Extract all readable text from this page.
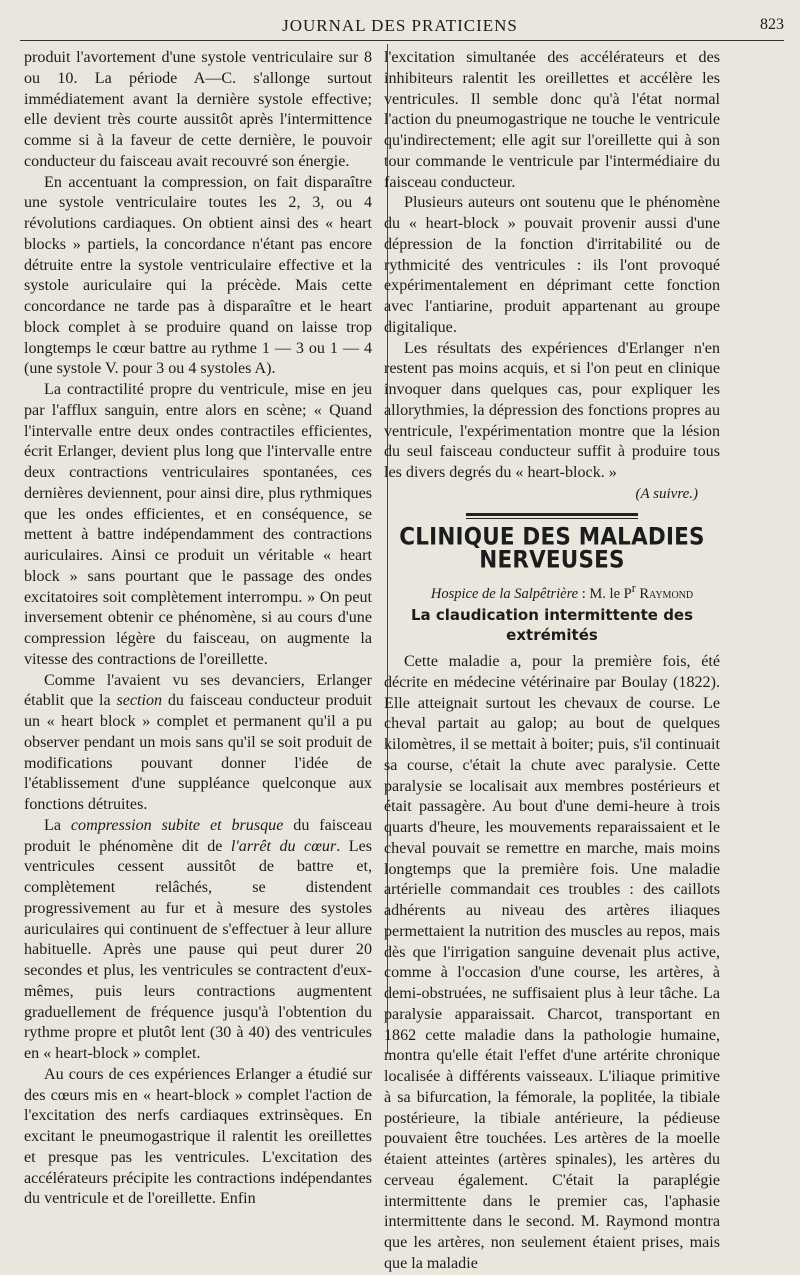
JOURNAL DES PRATICIENS	823

produit l'avortement d'une systole ventriculaire sur 8 ou 10. La période A—C. s'allonge surtout immédiatement avant la dernière systole effective; elle devient très courte aussitôt après l'intermittence comme si à la faveur de cette dernière, le pouvoir conducteur du faisceau avait recouvré son énergie.

En accentuant la compression, on fait disparaître une systole ventriculaire toutes les 2, 3, ou 4 révolutions cardiaques. On obtient ainsi des « heart blocks » partiels, la concordance n'étant pas encore détruite entre la systole ventriculaire effective et la systole auriculaire qui la précède. Mais cette concordance ne tarde pas à disparaître et le heart block complet à se produire quand on laisse trop longtemps le cœur battre au rythme 1 — 3 ou 1 — 4 (une systole V. pour 3 ou 4 systoles A).

La contractilité propre du ventricule, mise en jeu par l'afflux sanguin, entre alors en scène; « Quand l'intervalle entre deux ondes contractiles efficientes, écrit Erlanger, devient plus long que l'intervalle entre deux contractions ventriculaires spontanées, ces dernières deviennent, pour ainsi dire, plus rythmiques que les ondes efficientes, et en conséquence, se mettent à battre indépendamment des contractions auriculaires. Ainsi ce produit un véritable « heart block » sans pourtant que le passage des ondes excitatoires soit complètement interrompu. » On peut inversement obtenir ce phénomène, si au cours d'une compression légère du faisceau, on augmente la vitesse des contractions de l'oreillette.

Comme l'avaient vu ses devanciers, Erlanger établit que la section du faisceau conducteur produit un « heart block » complet et permanent qu'il a pu observer pendant un mois sans qu'il se soit produit de modifications pouvant donner l'idée de l'établissement d'une suppléance quelconque aux fonctions détruites.

La compression subite et brusque du faisceau produit le phénomène dit de l'arrêt du cœur. Les ventricules cessent aussitôt de battre et, complètement relâchés, se distendent progressivement au fur et à mesure des systoles auriculaires qui continuent de s'effectuer à leur allure habituelle. Après une pause qui peut durer 20 secondes et plus, les ventricules se contractent d'eux-mêmes, puis leurs contractions augmentent graduellement de fréquence jusqu'à l'obtention du rythme propre et plutôt lent (30 à 40) des ventricules en « heart-block » complet.

Au cours de ces expériences Erlanger a étudié sur des cœurs mis en « heart-block » complet l'action de l'excitation des nerfs cardiaques extrinsèques. En excitant le pneumogastrique il ralentit les oreillettes et presque pas les ventricules. L'excitation des accélérateurs précipite les contractions indépendantes du ventricule et de l'oreillette. Enfin

l'excitation simultanée des accélérateurs et des inhibiteurs ralentit les oreillettes et accélère les ventricules. Il semble donc qu'à l'état normal l'action du pneumogastrique ne touche le ventricule qu'indirectement; elle agit sur l'oreillette qui à son tour commande le ventricule par l'intermédiaire du faisceau conducteur.

Plusieurs auteurs ont soutenu que le phénomène du « heart-block » pouvait provenir aussi d'une dépression de la fonction d'irritabilité ou de rythmicité des ventricules : ils l'ont provoqué expérimentalement en déprimant cette fonction avec l'antiarine, produit appartenant au groupe digitalique.

Les résultats des expériences d'Erlanger n'en restent pas moins acquis, et si l'on peut en clinique invoquer dans quelques cas, pour expliquer les allorythmies, la dépression des fonctions propres au ventricule, l'expérimentation montre que la lésion du seul faisceau conducteur suffit à produire tous les divers degrés du « heart-block. »

(A suivre.)

CLINIQUE DES MALADIES NERVEUSES

Hospice de la Salpêtrière : M. le $P^r$ Raymond

La claudication intermittente des extrémités

Cette maladie a, pour la première fois, été décrite en médecine vétérinaire par Boulay (1822). Elle atteignait surtout les chevaux de course. Le cheval partait au galop; au bout de quelques kilomètres, il se mettait à boiter; puis, s'il continuait sa course, c'était la chute avec paralysie. Cette paralysie se localisait aux membres postérieurs et était passagère. Au bout d'une demi-heure à trois quarts d'heure, les mouvements reparaissaient et le cheval pouvait se remettre en marche, mais moins longtemps que la première fois. Une maladie artérielle commandait ces troubles : des caillots adhérents au niveau des artères iliaques permettaient la nutrition des muscles au repos, mais dès que l'irrigation sanguine devenait plus active, comme à l'occasion d'une course, les artères, à demi-obstruées, ne suffisaient plus à leur tâche. La paralysie apparaissait. Charcot, transportant en 1862 cette maladie dans la pathologie humaine, montra qu'elle était l'effet d'une artérite chronique localisée à différents vaisseaux. L'iliaque primitive à sa bifurcation, la fémorale, la poplitée, la tibiale postérieure, la tibiale antérieure, la pédieuse pouvaient être touchées. Les artères de la moelle étaient atteintes (artères spinales), les artères du cerveau également. C'était la paraplégie intermittente dans le premier cas, l'aphasie intermittente dans le second. M. Raymond montra que les artères, non seulement étaient prises, mais que la maladie
